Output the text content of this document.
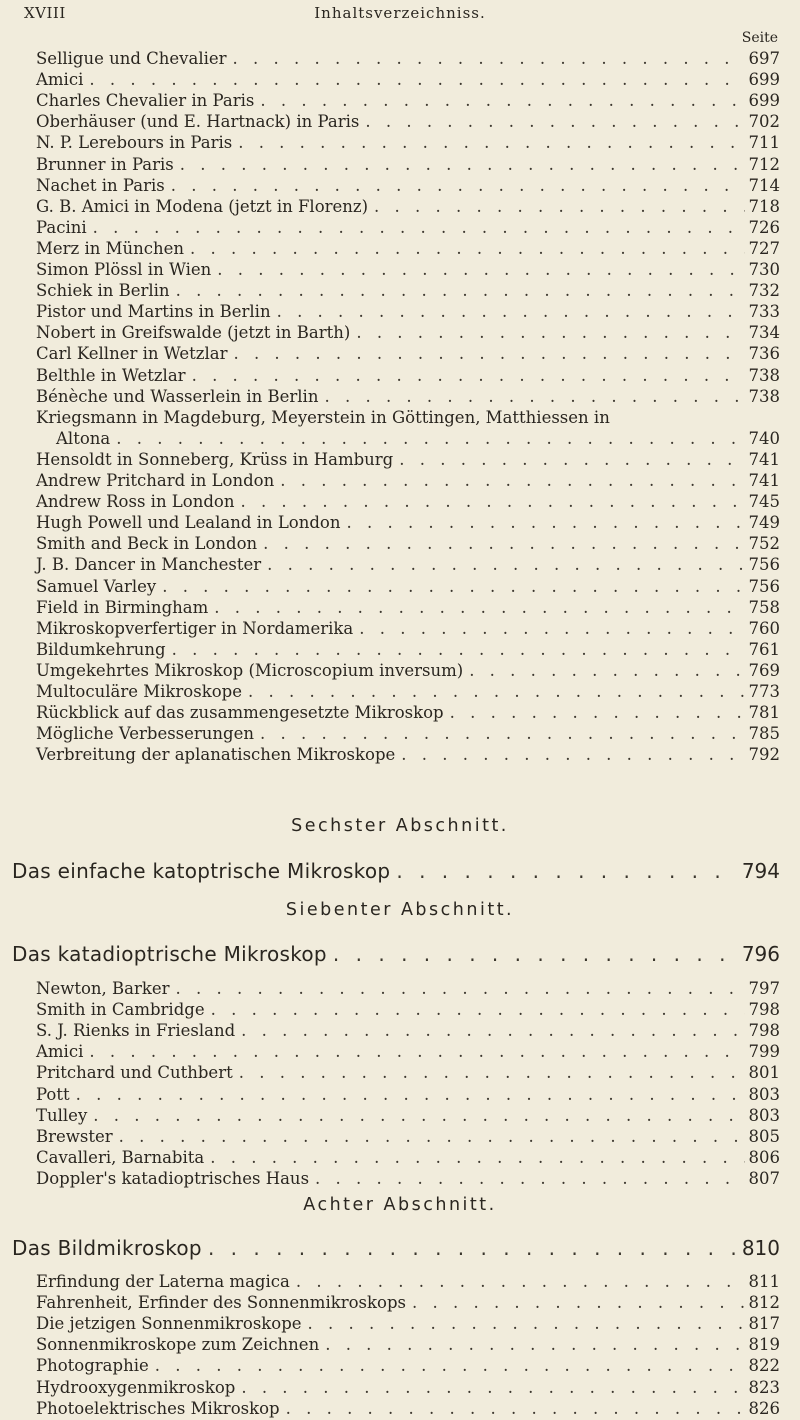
XVIII	Inhaltsverzeichniss.
Seite
Selligue und Chevalier . . .	697
Amici . . .	699
Charles Chevalier in Paris . . .	699
Oberhäuser (und E. Hartnack) in Paris . . .	702
N. P. Lerebours in Paris . . .	711
Brunner in Paris . . .	712
Nachet in Paris . . .	714
G. B. Amici in Modena (jetzt in Florenz) . . .	718
Pacini . . .	726
Merz in München . . .	727
Simon Plössl in Wien . . .	730
Schiek in Berlin . . .	732
Pistor und Martins in Berlin . . .	733
Nobert in Greifswalde (jetzt in Barth) . . .	734
Carl Kellner in Wetzlar . . .	736
Belthle in Wetzlar . . .	738
Bénèche und Wasserlein in Berlin . . .	738
Kriegsmann in Magdeburg, Meyerstein in Göttingen, Matthiessen in
Altona . . .	740
Hensoldt in Sonneberg, Krüss in Hamburg . . .	741
Andrew Pritchard in London . . .	741
Andrew Ross in London . . .	745
Hugh Powell und Lealand in London . . .	749
Smith and Beck in London . . .	752
J. B. Dancer in Manchester . . .	756
Samuel Varley . . .	756
Field in Birmingham . . .	758
Mikroskopverfertiger in Nordamerika . . .	760
Bildumkehrung . . .	761
Umgekehrtes Mikroskop (Microscopium inversum) . . .	769
Multoculäre Mikroskope . . .	773
Rückblick auf das zusammengesetzte Mikroskop . . .	781
Mögliche Verbesserungen . . .	785
Verbreitung der aplanatischen Mikroskope . . .	792
Sechster Abschnitt.
Das einfache katoptrische Mikroskop . . .	794
Siebenter Abschnitt.
Das katadioptrische Mikroskop . . .	796
Newton, Barker . . .	797
Smith in Cambridge . . .	798
S. J. Rienks in Friesland . . .	798
Amici . . .	799
Pritchard und Cuthbert . . .	801
Pott . . .	803
Tulley . . .	803
Brewster . . .	805
Cavalleri, Barnabita . . .	806
Doppler's katadioptrisches Haus . . .	807
Achter Abschnitt.
Das Bildmikroskop . . .	810
Erfindung der Laterna magica . . .	811
Fahrenheit, Erfinder des Sonnenmikroskops . . .	812
Die jetzigen Sonnenmikroskope . . .	817
Sonnenmikroskope zum Zeichnen . . .	819
Photographie . . .	822
Hydrooxygenmikroskop . . .	823
Photoelektrisches Mikroskop . . .	826
